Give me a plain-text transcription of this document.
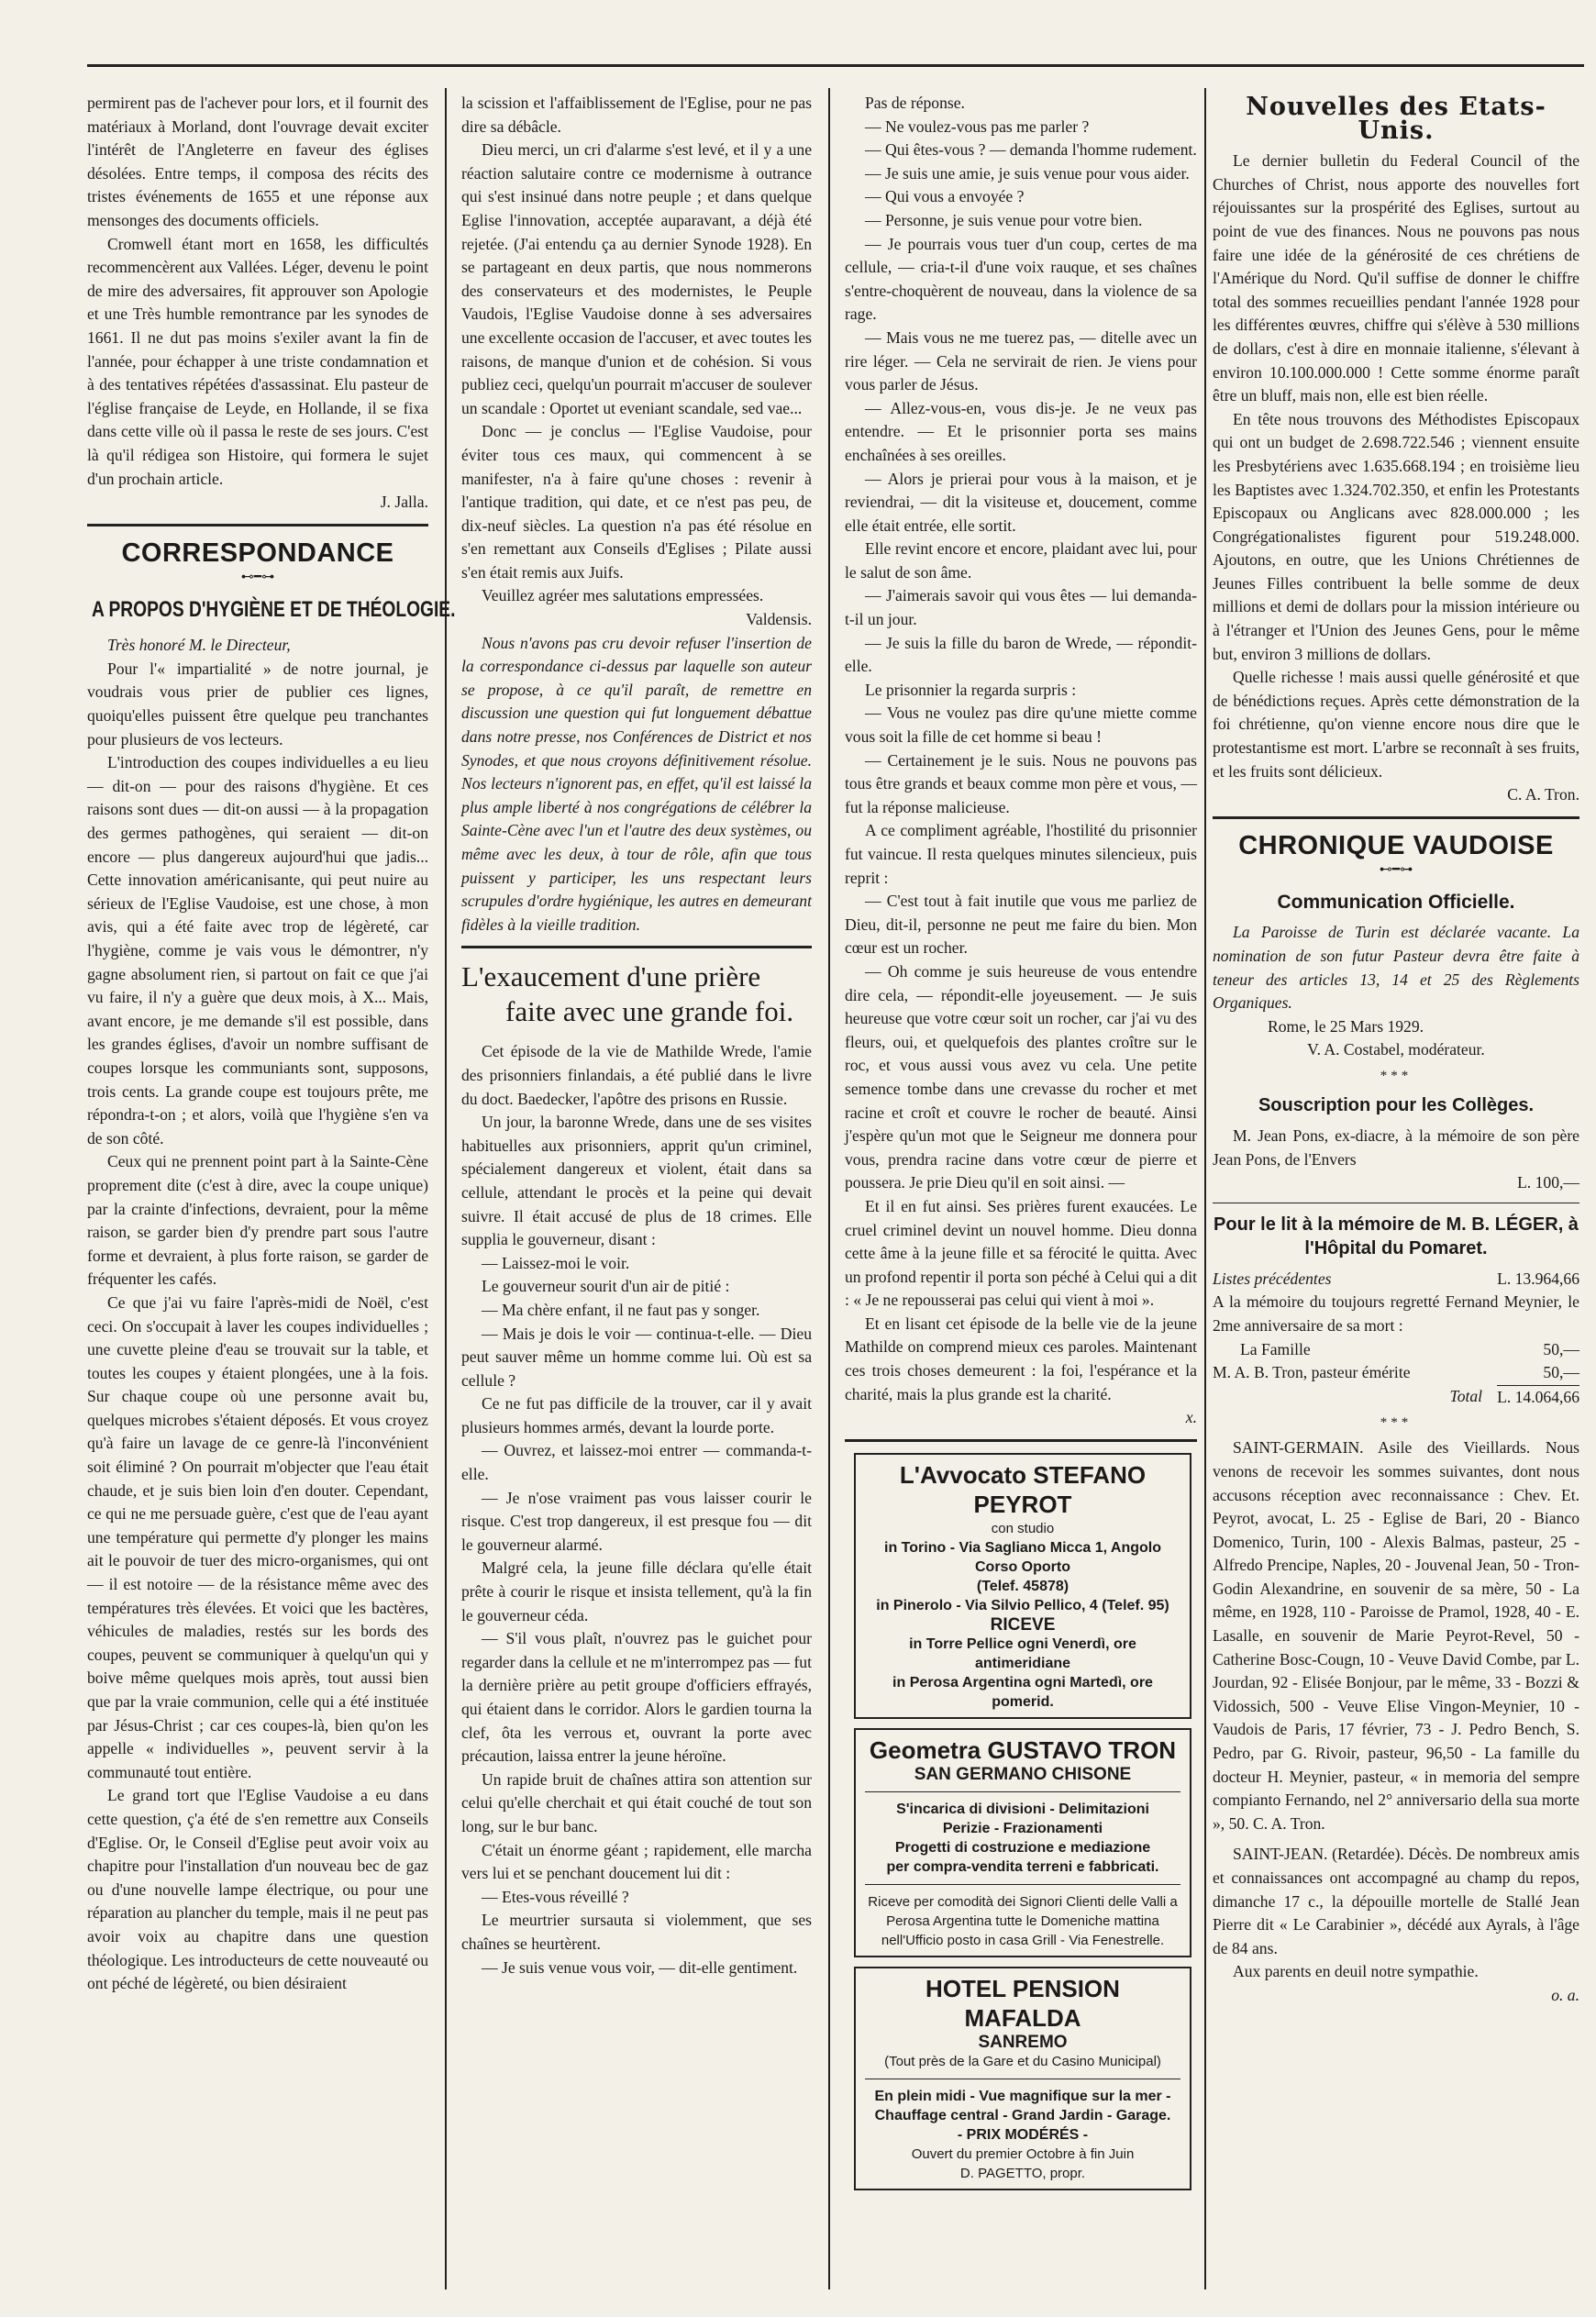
permirent pas de l'achever pour lors, et il fournit des matériaux à Morland, dont l'ouvrage devait exciter l'intérêt de l'Angleterre en faveur des églises désolées. Entre temps, il composa des récits des tristes événements de 1655 et une réponse aux mensonges des documents officiels.

Cromwell étant mort en 1658, les difficultés recommencèrent aux Vallées. Léger, devenu le point de mire des adversaires, fit approuver son Apologie et une Très humble remontrance par les synodes de 1661. Il ne dut pas moins s'exiler avant la fin de l'année, pour échapper à une triste condamnation et à des tentatives répétées d'assassinat. Elu pasteur de l'église française de Leyde, en Hollande, il se fixa dans cette ville où il passa le reste de ses jours. C'est là qu'il rédigea son Histoire, qui formera le sujet d'un prochain article.

J. Jalla.

CORRESPONDANCE
⊷━⊶
A PROPOS D'HYGIÈNE ET DE THÉOLOGIE.

Très honoré M. le Directeur,

Pour l'« impartialité » de notre journal, je voudrais vous prier de publier ces lignes, quoiqu'elles puissent être quelque peu tranchantes pour plusieurs de vos lecteurs.

L'introduction des coupes individuelles a eu lieu — dit-on — pour des raisons d'hygiène. Et ces raisons sont dues — dit-on aussi — à la propagation des germes pathogènes, qui seraient — dit-on encore — plus dangereux aujourd'hui que jadis... Cette innovation américanisante, qui peut nuire au sérieux de l'Eglise Vaudoise, est une chose, à mon avis, qui a été faite avec trop de légèreté, car l'hygiène, comme je vais vous le démontrer, n'y gagne absolument rien, si partout on fait ce que j'ai vu faire, il n'y a guère que deux mois, à X... Mais, avant encore, je me demande s'il est possible, dans les grandes églises, d'avoir un nombre suffisant de coupes lorsque les communiants sont, supposons, trois cents. La grande coupe est toujours prête, me répondra-t-on ; et alors, voilà que l'hygiène s'en va de son côté.

Ceux qui ne prennent point part à la Sainte-Cène proprement dite (c'est à dire, avec la coupe unique) par la crainte d'infections, devraient, pour la même raison, se garder bien d'y prendre part sous l'autre forme et devraient, à plus forte raison, se garder de fréquenter les cafés.

Ce que j'ai vu faire l'après-midi de Noël, c'est ceci. On s'occupait à laver les coupes individuelles ; une cuvette pleine d'eau se trouvait sur la table, et toutes les coupes y étaient plongées, une à la fois. Sur chaque coupe où une personne avait bu, quelques microbes s'étaient déposés. Et vous croyez qu'à faire un lavage de ce genre-là l'inconvénient soit éliminé ? On pourrait m'objecter que l'eau était chaude, et je suis bien loin d'en douter. Cependant, ce qui ne me persuade guère, c'est que de l'eau ayant une température qui permette d'y plonger les mains ait le pouvoir de tuer des micro-organismes, qui ont — il est notoire — de la résistance même avec des températures très élevées. Et voici que les bactères, véhicules de maladies, restés sur les bords des coupes, peuvent se communiquer à quelqu'un qui y boive même quelques mois après, tout aussi bien que par la vraie communion, celle qui a été instituée par Jésus-Christ ; car ces coupes-là, bien qu'on les appelle « individuelles », peuvent servir à la communauté tout entière.

Le grand tort que l'Eglise Vaudoise a eu dans cette question, ç'a été de s'en remettre aux Conseils d'Eglise. Or, le Conseil d'Eglise peut avoir voix au chapitre pour l'installation d'un nouveau bec de gaz ou d'une nouvelle lampe électrique, ou pour une réparation au plancher du temple, mais il ne peut pas avoir voix au chapitre dans une question théologique. Les introducteurs de cette nouveauté ou ont péché de légèreté, ou bien désiraient

la scission et l'affaiblissement de l'Eglise, pour ne pas dire sa débâcle.

Dieu merci, un cri d'alarme s'est levé, et il y a une réaction salutaire contre ce modernisme à outrance qui s'est insinué dans notre peuple ; et dans quelque Eglise l'innovation, acceptée auparavant, a déjà été rejetée. (J'ai entendu ça au dernier Synode 1928). En se partageant en deux partis, que nous nommerons des conservateurs et des modernistes, le Peuple Vaudois, l'Eglise Vaudoise donne à ses adversaires une excellente occasion de l'accuser, et avec toutes les raisons, de manque d'union et de cohésion. Si vous publiez ceci, quelqu'un pourrait m'accuser de soulever un scandale : Oportet ut eveniant scandale, sed vae...

Donc — je conclus — l'Eglise Vaudoise, pour éviter tous ces maux, qui commencent à se manifester, n'a à faire qu'une choses : revenir à l'antique tradition, qui date, et ce n'est pas peu, de dix-neuf siècles. La question n'a pas été résolue en s'en remettant aux Conseils d'Eglises ; Pilate aussi s'en était remis aux Juifs.

Veuillez agréer mes salutations empressées.

Valdensis.

Nous n'avons pas cru devoir refuser l'insertion de la correspondance ci-dessus par laquelle son auteur se propose, à ce qu'il paraît, de remettre en discussion une question qui fut longuement débattue dans notre presse, nos Conférences de District et nos Synodes, et que nous croyons définitivement résolue. Nos lecteurs n'ignorent pas, en effet, qu'il est laissé la plus ample liberté à nos congrégations de célébrer la Sainte-Cène avec l'un et l'autre des deux systèmes, ou même avec les deux, à tour de rôle, afin que tous puissent y participer, les uns respectant leurs scrupules d'ordre hygiénique, les autres en demeurant fidèles à la vieille tradition.

L'exaucement d'une prière
faite avec une grande foi.

Cet épisode de la vie de Mathilde Wrede, l'amie des prisonniers finlandais, a été publié dans le livre du doct. Baedecker, l'apôtre des prisons en Russie.

Un jour, la baronne Wrede, dans une de ses visites habituelles aux prisonniers, apprit qu'un criminel, spécialement dangereux et violent, était dans sa cellule, attendant le procès et la peine qui devait suivre. Il était accusé de plus de 18 crimes. Elle supplia le gouverneur, disant :

— Laissez-moi le voir.

Le gouverneur sourit d'un air de pitié :

— Ma chère enfant, il ne faut pas y songer.

— Mais je dois le voir — continua-t-elle. — Dieu peut sauver même un homme comme lui. Où est sa cellule ?

Ce ne fut pas difficile de la trouver, car il y avait plusieurs hommes armés, devant la lourde porte.

— Ouvrez, et laissez-moi entrer — commanda-t-elle.

— Je n'ose vraiment pas vous laisser courir le risque. C'est trop dangereux, il est presque fou — dit le gouverneur alarmé.

Malgré cela, la jeune fille déclara qu'elle était prête à courir le risque et insista tellement, qu'à la fin le gouverneur céda.

— S'il vous plaît, n'ouvrez pas le guichet pour regarder dans la cellule et ne m'interrompez pas — fut la dernière prière au petit groupe d'officiers effrayés, qui étaient dans le corridor. Alors le gardien tourna la clef, ôta les verrous et, ouvrant la porte avec précaution, laissa entrer la jeune héroïne.

Un rapide bruit de chaînes attira son attention sur celui qu'elle cherchait et qui était couché de tout son long, sur le bur banc.

C'était un énorme géant ; rapidement, elle marcha vers lui et se penchant doucement lui dit :

— Etes-vous réveillé ?

Le meurtrier sursauta si violemment, que ses chaînes se heurtèrent.

— Je suis venue vous voir, — dit-elle gentiment.

Pas de réponse.

— Ne voulez-vous pas me parler ?

— Qui êtes-vous ? — demanda l'homme rudement.

— Je suis une amie, je suis venue pour vous aider.

— Qui vous a envoyée ?

— Personne, je suis venue pour votre bien.

— Je pourrais vous tuer d'un coup, certes de ma cellule, — cria-t-il d'une voix rauque, et ses chaînes s'entre-choquèrent de nouveau, dans la violence de sa rage.

— Mais vous ne me tuerez pas, — ditelle avec un rire léger. — Cela ne servirait de rien. Je viens pour vous parler de Jésus.

— Allez-vous-en, vous dis-je. Je ne veux pas entendre. — Et le prisonnier porta ses mains enchaînées à ses oreilles.

— Alors je prierai pour vous à la maison, et je reviendrai, — dit la visiteuse et, doucement, comme elle était entrée, elle sortit.

Elle revint encore et encore, plaidant avec lui, pour le salut de son âme.

— J'aimerais savoir qui vous êtes — lui demanda-t-il un jour.

— Je suis la fille du baron de Wrede, — répondit-elle.

Le prisonnier la regarda surpris :

— Vous ne voulez pas dire qu'une miette comme vous soit la fille de cet homme si beau !

— Certainement je le suis. Nous ne pouvons pas tous être grands et beaux comme mon père et vous, — fut la réponse malicieuse.

A ce compliment agréable, l'hostilité du prisonnier fut vaincue. Il resta quelques minutes silencieux, puis reprit :

— C'est tout à fait inutile que vous me parliez de Dieu, dit-il, personne ne peut me faire du bien. Mon cœur est un rocher.

— Oh comme je suis heureuse de vous entendre dire cela, — répondit-elle joyeusement. — Je suis heureuse que votre cœur soit un rocher, car j'ai vu des fleurs, oui, et quelquefois des plantes croître sur le roc, et vous aussi vous avez vu cela. Une petite semence tombe dans une crevasse du rocher et met racine et croît et couvre le rocher de beauté. Ainsi j'espère qu'un mot que le Seigneur me donnera pour vous, prendra racine dans votre cœur de pierre et poussera. Je prie Dieu qu'il en soit ainsi. —

Et il en fut ainsi. Ses prières furent exaucées. Le cruel criminel devint un nouvel homme. Dieu donna cette âme à la jeune fille et sa férocité le quitta. Avec un profond repentir il porta son péché à Celui qui a dit : « Je ne repousserai pas celui qui vient à moi ».

Et en lisant cet épisode de la belle vie de la jeune Mathilde on comprend mieux ces paroles. Maintenant ces trois choses demeurent : la foi, l'espérance et la charité, mais la plus grande est la charité.

x.

L'Avvocato STEFANO PEYROT
con studio
in Torino - Via Sagliano Micca 1, Angolo Corso Oporto
(Telef. 45878)
in Pinerolo - Via Silvio Pellico, 4 (Telef. 95)
RICEVE
in Torre Pellice ogni Venerdì, ore antimeridiane
in Perosa Argentina ogni Martedì, ore pomerid.
Geometra GUSTAVO TRON
SAN GERMANO CHISONE
S'incarica di divisioni - Delimitazioni
Perizie - Frazionamenti
Progetti di costruzione e mediazione
per compra-vendita terreni e fabbricati.
Riceve per comodità dei Signori Clienti delle Valli a Perosa Argentina tutte le Domeniche mattina nell'Ufficio posto in casa Grill - Via Fenestrelle.
HOTEL PENSION MAFALDA
SANREMO
(Tout près de la Gare et du Casino Municipal)
En plein midi - Vue magnifique sur la mer - Chauffage central - Grand Jardin - Garage.
- PRIX MODÉRÉS -
Ouvert du premier Octobre à fin Juin
D. PAGETTO, propr.
Nouvelles des Etats-Unis.

Le dernier bulletin du Federal Council of the Churches of Christ, nous apporte des nouvelles fort réjouissantes sur la prospérité des Eglises, surtout au point de vue des finances. Nous ne pouvons pas nous faire une idée de la générosité de ces chrétiens de l'Amérique du Nord. Qu'il suffise de donner le chiffre total des sommes recueillies pendant l'année 1928 pour les différentes œuvres, chiffre qui s'élève à 530 millions de dollars, c'est à dire en monnaie italienne, s'élevant à environ 10.100.000.000 ! Cette somme énorme paraît être un bluff, mais non, elle est bien réelle.

En tête nous trouvons des Méthodistes Episcopaux qui ont un budget de 2.698.722.546 ; viennent ensuite les Presbytériens avec 1.635.668.194 ; en troisième lieu les Baptistes avec 1.324.702.350, et enfin les Protestants Episcopaux ou Anglicans avec 828.000.000 ; les Congrégationalistes figurent pour 519.248.000. Ajoutons, en outre, que les Unions Chrétiennes de Jeunes Filles contribuent la belle somme de deux millions et demi de dollars pour la mission intérieure ou à l'étranger et l'Union des Jeunes Gens, pour le même but, environ 3 millions de dollars.

Quelle richesse ! mais aussi quelle générosité et que de bénédictions reçues. Après cette démonstration de la foi chrétienne, qu'on vienne encore nous dire que le protestantisme est mort. L'arbre se reconnaît à ses fruits, et les fruits sont délicieux.

C. A. Tron.

CHRONIQUE VAUDOISE
⊷━⊶
Communication Officielle.

La Paroisse de Turin est déclarée vacante. La nomination de son futur Pasteur devra être faite à teneur des articles 13, 14 et 25 des Règlements Organiques.

Rome, le 25 Mars 1929.

V. A. Costabel, modérateur.

***
Souscription pour les Collèges.

M. Jean Pons, ex-diacre, à la mémoire de son père Jean Pons, de l'Envers

L. 100,—

Pour le lit à la mémoire de M. B. LÉGER, à l'Hôpital du Pomaret.
Listes précédentes	L. 13.964,66

A la mémoire du toujours regretté Fernand Meynier, le 2me anniversaire de sa mort :

La Famille	50,—
M. A. B. Tron, pasteur émérite	50,—
Total L. 14.064,66
***

SAINT-GERMAIN. Asile des Vieillards. Nous venons de recevoir les sommes suivantes, dont nous accusons réception avec reconnaissance : Chev. Et. Peyrot, avocat, L. 25 - Eglise de Bari, 20 - Bianco Domenico, Turin, 100 - Alexis Balmas, pasteur, 25 - Alfredo Prencipe, Naples, 20 - Jouvenal Jean, 50 - Tron-Godin Alexandrine, en souvenir de sa mère, 50 - La même, en 1928, 110 - Paroisse de Pramol, 1928, 40 - E. Lasalle, en souvenir de Marie Peyrot-Revel, 50 - Catherine Bosc-Cougn, 10 - Veuve David Combe, par L. Jourdan, 92 - Elisée Bonjour, par le même, 33 - Bozzi & Vidossich, 500 - Veuve Elise Vingon-Meynier, 10 - Vaudois de Paris, 17 février, 73 - J. Pedro Bench, S. Pedro, par G. Rivoir, pasteur, 96,50 - La famille du docteur H. Meynier, pasteur, « in memoria del sempre compianto Fernando, nel 2° anniversario della sua morte », 50. C. A. Tron.

SAINT-JEAN. (Retardée). Décès. De nombreux amis et connaissances ont accompagné au champ du repos, dimanche 17 c., la dépouille mortelle de Stallé Jean Pierre dit « Le Carabinier », décédé aux Ayrals, à l'âge de 84 ans.

Aux parents en deuil notre sympathie.

o. a.
